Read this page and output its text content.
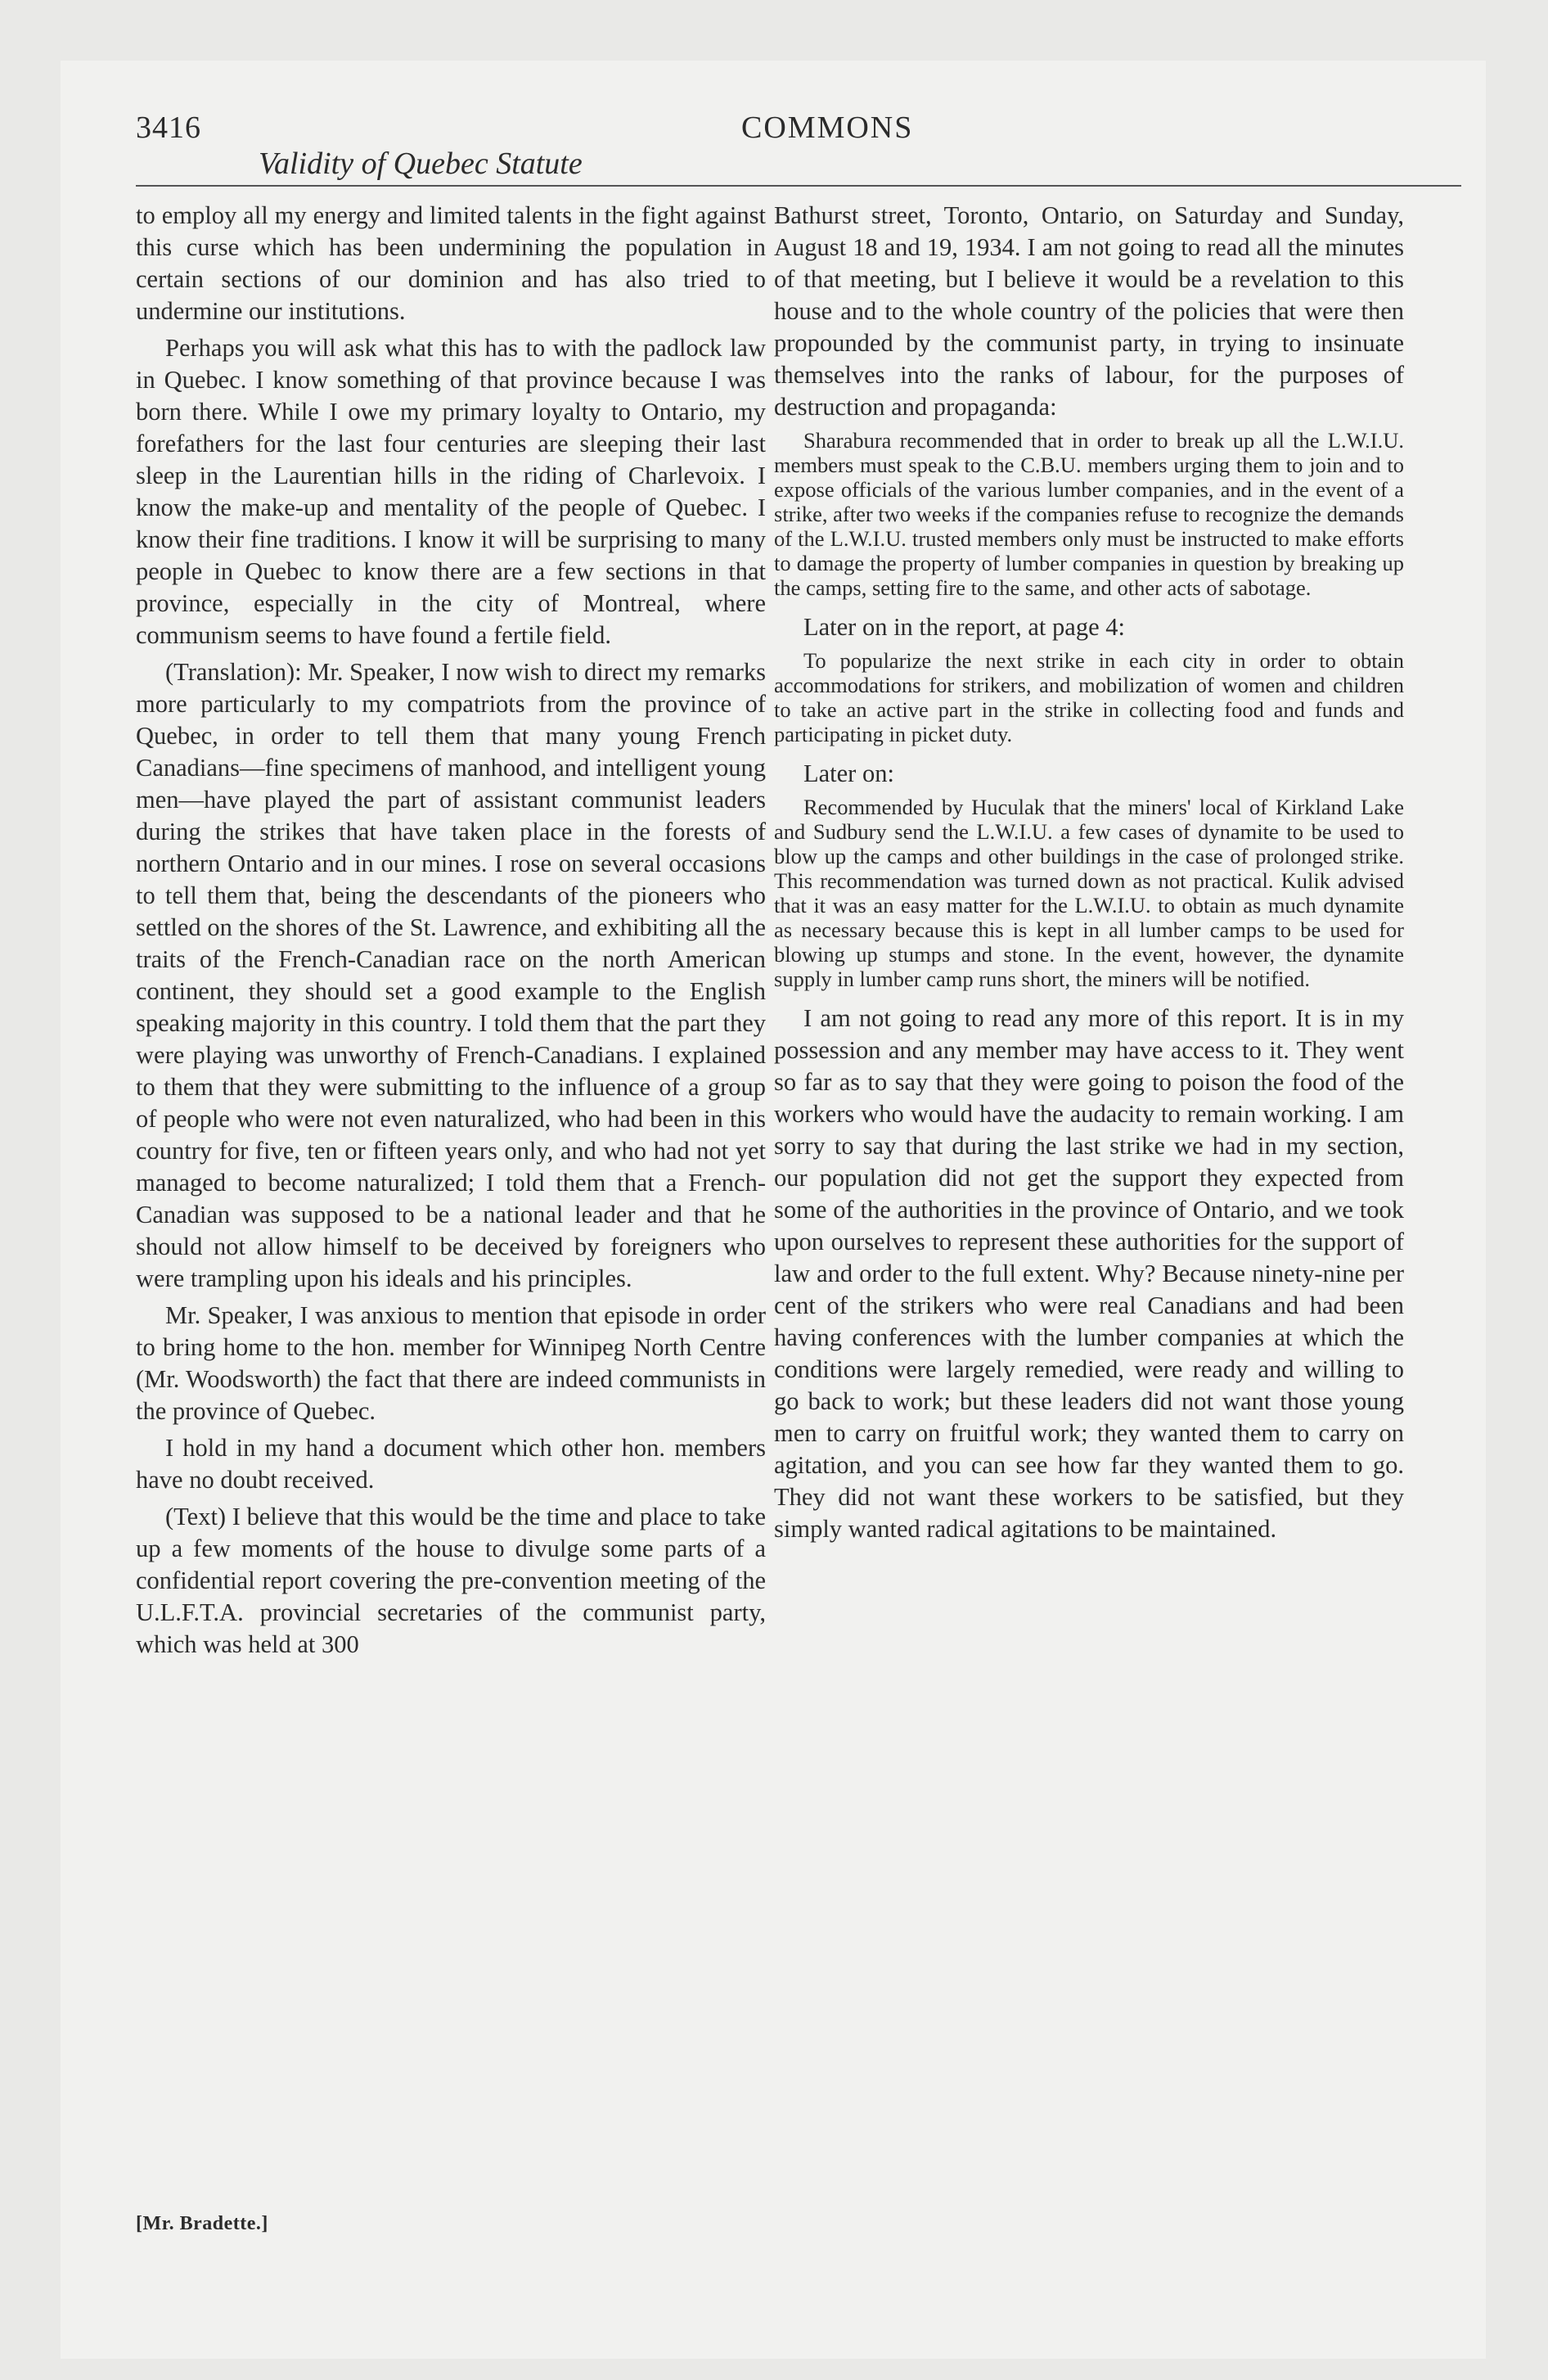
3416
Validity of Quebec Statute
COMMONS

to employ all my energy and limited talents in the fight against this curse which has been undermining the population in certain sections of our dominion and has also tried to undermine our institutions.

Perhaps you will ask what this has to with the padlock law in Quebec. I know something of that province because I was born there. While I owe my primary loyalty to Ontario, my forefathers for the last four centuries are sleeping their last sleep in the Laurentian hills in the riding of Charlevoix. I know the make-up and mentality of the people of Quebec. I know their fine traditions. I know it will be surprising to many people in Quebec to know there are a few sections in that province, especially in the city of Montreal, where communism seems to have found a fertile field.

(Translation): Mr. Speaker, I now wish to direct my remarks more particularly to my compatriots from the province of Quebec, in order to tell them that many young French Canadians—fine specimens of manhood, and intelligent young men—have played the part of assistant communist leaders during the strikes that have taken place in the forests of northern Ontario and in our mines. I rose on several occasions to tell them that, being the descendants of the pioneers who settled on the shores of the St. Lawrence, and exhibiting all the traits of the French-Canadian race on the north American continent, they should set a good example to the English speaking majority in this country. I told them that the part they were playing was unworthy of French-Canadians. I explained to them that they were submitting to the influence of a group of people who were not even naturalized, who had been in this country for five, ten or fifteen years only, and who had not yet managed to become naturalized; I told them that a French-Canadian was supposed to be a national leader and that he should not allow himself to be deceived by foreigners who were trampling upon his ideals and his principles.

Mr. Speaker, I was anxious to mention that episode in order to bring home to the hon. member for Winnipeg North Centre (Mr. Woodsworth) the fact that there are indeed communists in the province of Quebec.

I hold in my hand a document which other hon. members have no doubt received.

(Text) I believe that this would be the time and place to take up a few moments of the house to divulge some parts of a confidential report covering the pre-convention meeting of the U.L.F.T.A. provincial secretaries of the communist party, which was held at 300

Bathurst street, Toronto, Ontario, on Saturday and Sunday, August 18 and 19, 1934. I am not going to read all the minutes of that meeting, but I believe it would be a revelation to this house and to the whole country of the policies that were then propounded by the communist party, in trying to insinuate themselves into the ranks of labour, for the purposes of destruction and propaganda:

Sharabura recommended that in order to break up all the L.W.I.U. members must speak to the C.B.U. members urging them to join and to expose officials of the various lumber companies, and in the event of a strike, after two weeks if the companies refuse to recognize the demands of the L.W.I.U. trusted members only must be instructed to make efforts to damage the property of lumber companies in question by breaking up the camps, setting fire to the same, and other acts of sabotage.

Later on in the report, at page 4:

To popularize the next strike in each city in order to obtain accommodations for strikers, and mobilization of women and children to take an active part in the strike in collecting food and funds and participating in picket duty.

Later on:

Recommended by Huculak that the miners' local of Kirkland Lake and Sudbury send the L.W.I.U. a few cases of dynamite to be used to blow up the camps and other buildings in the case of prolonged strike. This recommendation was turned down as not practical. Kulik advised that it was an easy matter for the L.W.I.U. to obtain as much dynamite as necessary because this is kept in all lumber camps to be used for blowing up stumps and stone. In the event, however, the dynamite supply in lumber camp runs short, the miners will be notified.

I am not going to read any more of this report. It is in my possession and any member may have access to it. They went so far as to say that they were going to poison the food of the workers who would have the audacity to remain working. I am sorry to say that during the last strike we had in my section, our population did not get the support they expected from some of the authorities in the province of Ontario, and we took upon ourselves to represent these authorities for the support of law and order to the full extent. Why? Because ninety-nine per cent of the strikers who were real Canadians and had been having conferences with the lumber companies at which the conditions were largely remedied, were ready and willing to go back to work; but these leaders did not want those young men to carry on fruitful work; they wanted them to carry on agitation, and you can see how far they wanted them to go. They did not want these workers to be satisfied, but they simply wanted radical agitations to be maintained.

[Mr. Bradette.]
